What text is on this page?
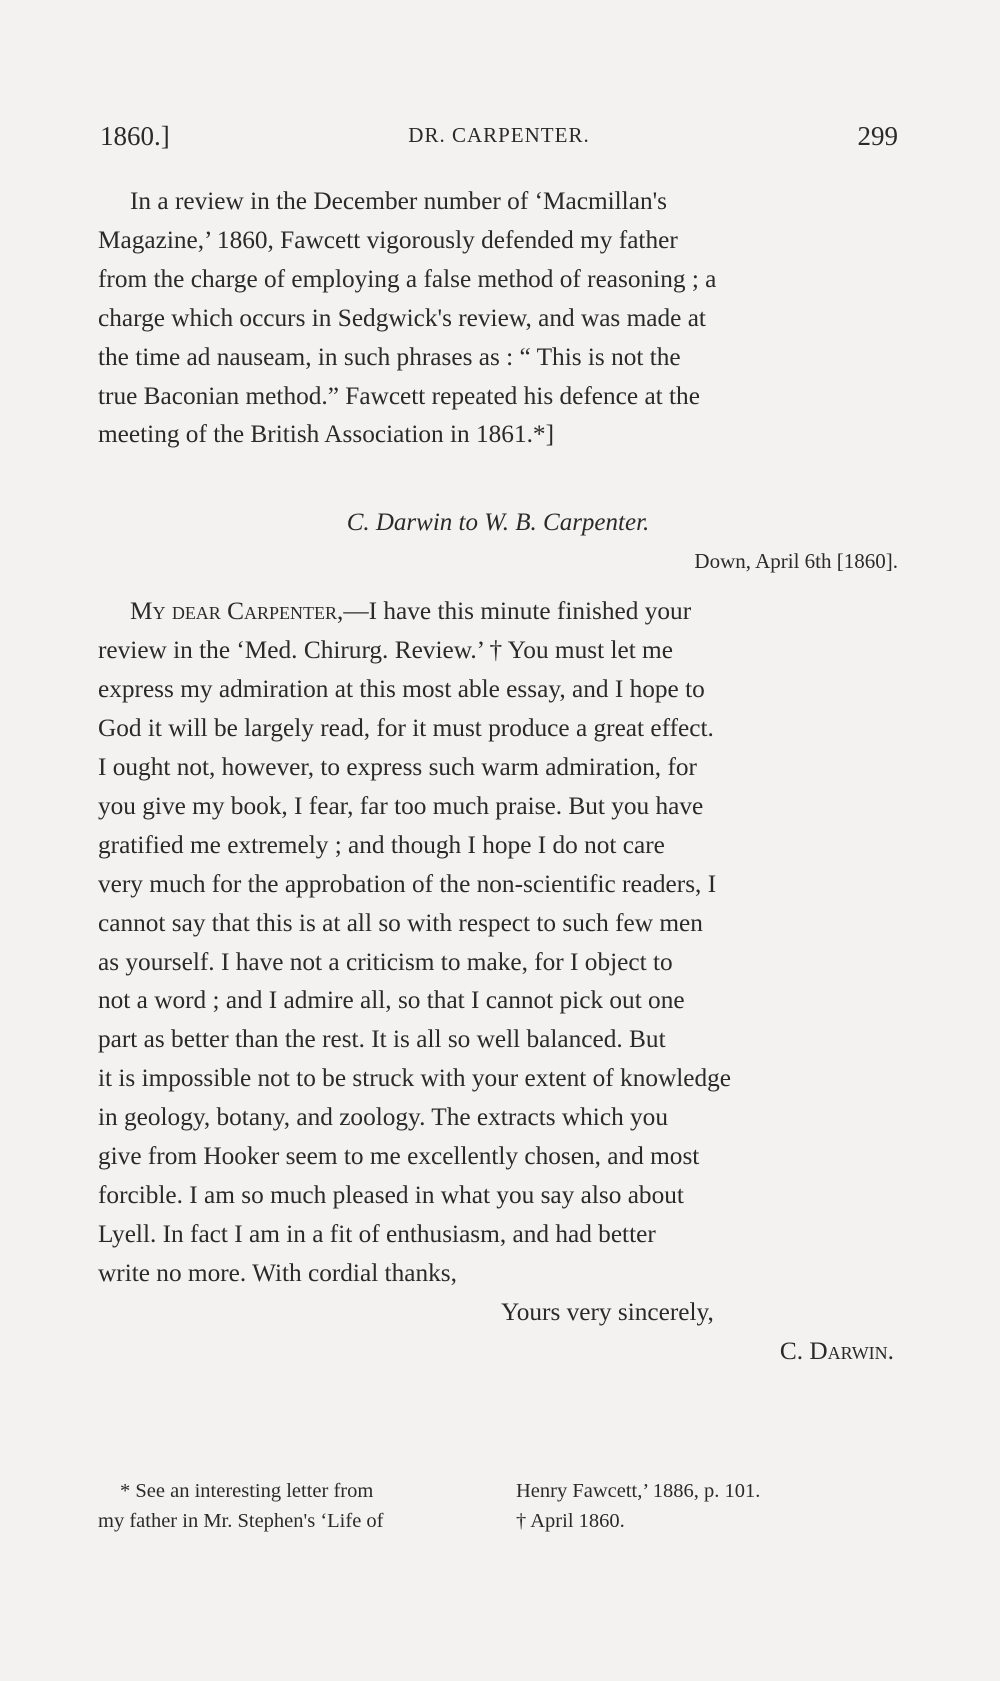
1860.]	DR. CARPENTER.	299

In a review in the December number of ‘Macmillan's

Magazine,’ 1860, Fawcett vigorously defended my father

from the charge of employing a false method of reasoning ; a

charge which occurs in Sedgwick's review, and was made at

the time ad nauseam, in such phrases as : “ This is not the

true Baconian method.” Fawcett repeated his defence at the

meeting of the British Association in 1861.*]

C. Darwin to W. B. Carpenter.

Down, April 6th [1860].

My dear Carpenter,—I have this minute finished your

review in the ‘Med. Chirurg. Review.’ † You must let me

express my admiration at this most able essay, and I hope to

God it will be largely read, for it must produce a great effect.

I ought not, however, to express such warm admiration, for

you give my book, I fear, far too much praise. But you have

gratified me extremely ; and though I hope I do not care

very much for the approbation of the non-scientific readers, I

cannot say that this is at all so with respect to such few men

as yourself. I have not a criticism to make, for I object to

not a word ; and I admire all, so that I cannot pick out one

part as better than the rest. It is all so well balanced. But

it is impossible not to be struck with your extent of knowledge

in geology, botany, and zoology. The extracts which you

give from Hooker seem to me excellently chosen, and most

forcible. I am so much pleased in what you say also about

Lyell. In fact I am in a fit of enthusiasm, and had better

write no more. With cordial thanks,

Yours very sincerely,

C. Darwin.

* See an interesting letter from
my father in Mr. Stephen's ‘Life of
Henry Fawcett,’ 1886, p. 101.
† April 1860.
